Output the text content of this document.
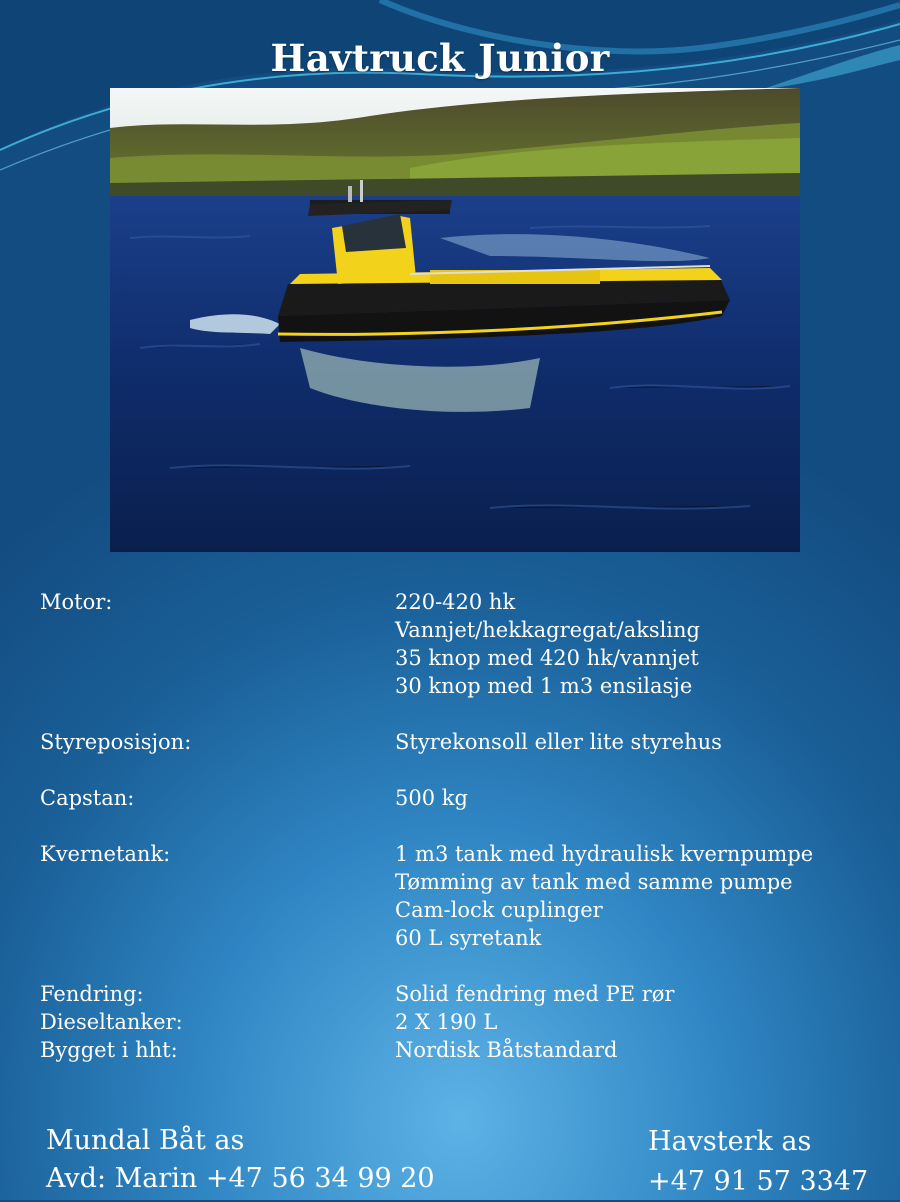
Havtruck Junior
Motor:	220-420 hk
Vannjet/hekkagregat/aksling
35 knop med 420 hk/vannjet
30 knop med 1 m3 ensilasje
Styreposisjon:	Styrekonsoll eller lite styrehus
Capstan:	500 kg
Kvernetank:	1 m3 tank med hydraulisk kvernpumpe
Tømming av tank med samme pumpe
Cam-lock cuplinger
60 L syretank
Fendring:	Solid fendring med PE rør
Dieseltanker:	2 X 190 L
Bygget i hht:	Nordisk Båtstandard
Mundal Båt as
Avd: Marin +47 56 34 99 20
Havsterk as
+47 91 57 3347
